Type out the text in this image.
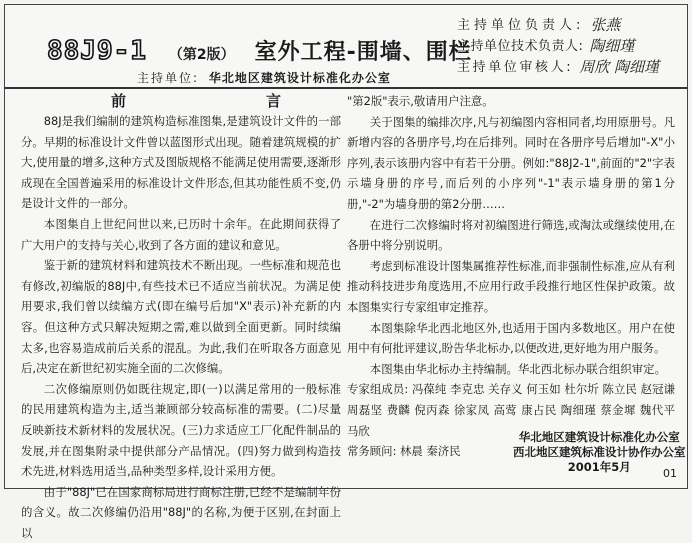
88J9-1 （第2版） 室外工程-围墙、围栏
主持单位: 华北地区建筑设计标准化办公室
主持单位负责人: 张燕
主持单位技术负责人: 陶细瑾
主持单位审核人: 周欣 陶细瑾
前	言

88J是我们编制的建筑构造标准图集,是建筑设计文件的一部分。早期的标准设计文件曾以蓝图形式出现。随着建筑规模的扩大,使用量的增多,这种方式及图版规格不能满足使用需要,逐渐形成现在全国普遍采用的标准设计文件形态,但其功能性质不变,仍是设计文件的一部分。

本图集自上世纪问世以来,已历时十余年。在此期间获得了广大用户的支持与关心,收到了各方面的建议和意见。

鉴于新的建筑材料和建筑技术不断出现。一些标准和规范也有修改,初编版的88J中,有些技术已不适应当前状况。为满足使用要求,我们曾以续编方式(即在编号后加"X"表示)补充新的内容。但这种方式只解决短期之需,难以做到全面更新。同时续编太多,也容易造成前后关系的混乱。为此,我们在听取各方面意见后,决定在新世纪初实施全面的二次修编。

二次修编原则仍如既往规定,即(一)以满足常用的一般标准的民用建筑构造为主,适当兼顾部分较高标准的需要。(二)尽量反映新技术新材料的发展状况。(三)力求适应工厂化配件制品的发展,并在图集附录中提供部分产品情况。(四)努力做到构造技术先进,材料选用适当,品种类型多样,设计采用方便。

由于"88J"已在国家商标局进行商标注册,已经不是编制年份的含义。故二次修编仍沿用"88J"的名称,为便于区别,在封面上以

"第2版"表示,敬请用户注意。

关于图集的编排次序,凡与初编图内容相同者,均用原册号。凡新增内容的各册序号,均在后排列。同时在各册序号后增加"-X"小序列,表示该册内容中有若干分册。例如:"88J2-1",前面的"2"字表示墙身册的序号,而后列的小序列"-1"表示墙身册的第1分册,"-2"为墙身册的第2分册……

在进行二次修编时将对初编图进行筛选,或淘汰或继续使用,在各册中将分别说明。

考虑到标准设计图集属推荐性标准,而非强制性标准,应从有利推动科技进步角度选用,不应用行政手段推行地区性保护政策。故本图集实行专家组审定推荐。

本图集除华北西北地区外,也适用于国内多数地区。用户在使用中有何批评建议,盼告华北标办,以便改进,更好地为用户服务。

本图集由华北标办主持编制。华北西北标办联合组织审定。

专家组成员: 冯葆纯 李克忠 关存义 何玉如 杜尔圻 陈立民 赵冠谦 周磊坚 费麟 倪丙森 徐家凤 高莺 康占民 陶细瑾 蔡金墀 魏代平 马欣

常务顾问: 林晨 秦济民

华北地区建筑设计标准化办公室
西北地区建筑标准设计协作办公室
2001年5月	01
